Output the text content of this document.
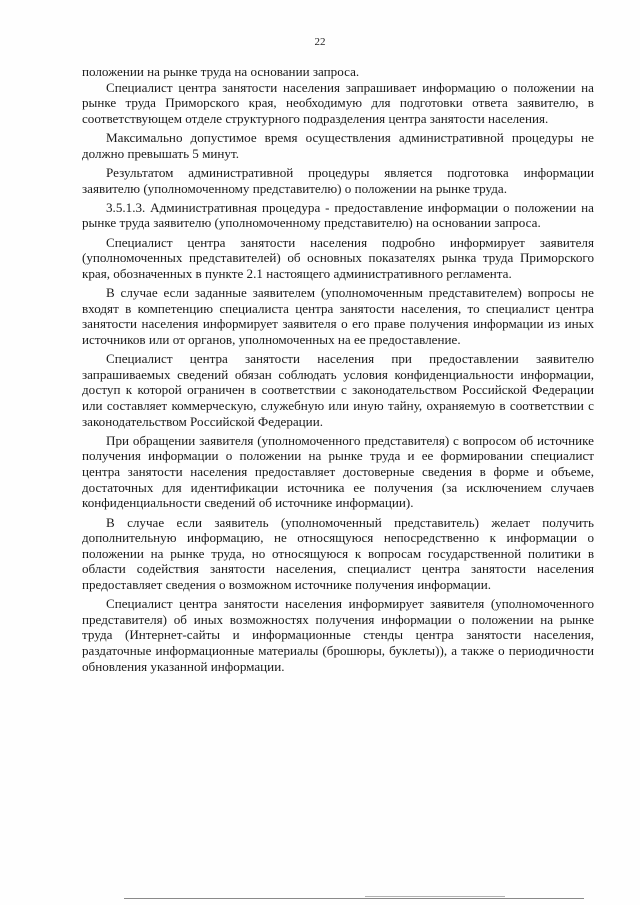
22

положении на рынке труда на основании запроса.

Специалист центра занятости населения запрашивает информацию о положении на рынке труда Приморского края, необходимую для подготовки ответа заявителю, в соответствующем отделе структурного подразделения центра занятости населения.

Максимально допустимое время осуществления административной процедуры не должно превышать 5 минут.

Результатом административной процедуры является подготовка информации заявителю (уполномоченному представителю) о положении на рынке труда.

3.5.1.3. Административная процедура - предоставление информации о положении на рынке труда заявителю (уполномоченному представителю) на основании запроса.

Специалист центра занятости населения подробно информирует заявителя (уполномоченных представителей) об основных показателях рынка труда Приморского края, обозначенных в пункте 2.1 настоящего административного регламента.

В случае если заданные заявителем (уполномоченным представителем) вопросы не входят в компетенцию специалиста центра занятости населения, то специалист центра занятости населения информирует заявителя о его праве получения информации из иных источников или от органов, уполномоченных на ее предоставление.

Специалист центра занятости населения при предоставлении заявителю запрашиваемых сведений обязан соблюдать условия конфиденциальности информации, доступ к которой ограничен в соответствии с законодательством Российской Федерации или составляет коммерческую, служебную или иную тайну, охраняемую в соответствии с законодательством Российской Федерации.

При обращении заявителя (уполномоченного представителя) с вопросом об источнике получения информации о положении на рынке труда и ее формировании специалист центра занятости населения предоставляет достоверные сведения в форме и объеме, достаточных для идентификации источника ее получения (за исключением случаев конфиденциальности сведений об источнике информации).

В случае если заявитель (уполномоченный представитель) желает получить дополнительную информацию, не относящуюся непосредственно к информации о положении на рынке труда, но относящуюся к вопросам государственной политики в области содействия занятости населения, специалист центра занятости населения предоставляет сведения о возможном источнике получения информации.

Специалист центра занятости населения информирует заявителя (уполномоченного представителя) об иных возможностях получения информации о положении на рынке труда (Интернет-сайты и информационные стенды центра занятости населения, раздаточные информационные материалы (брошюры, буклеты)), а также о периодичности обновления указанной информации.
